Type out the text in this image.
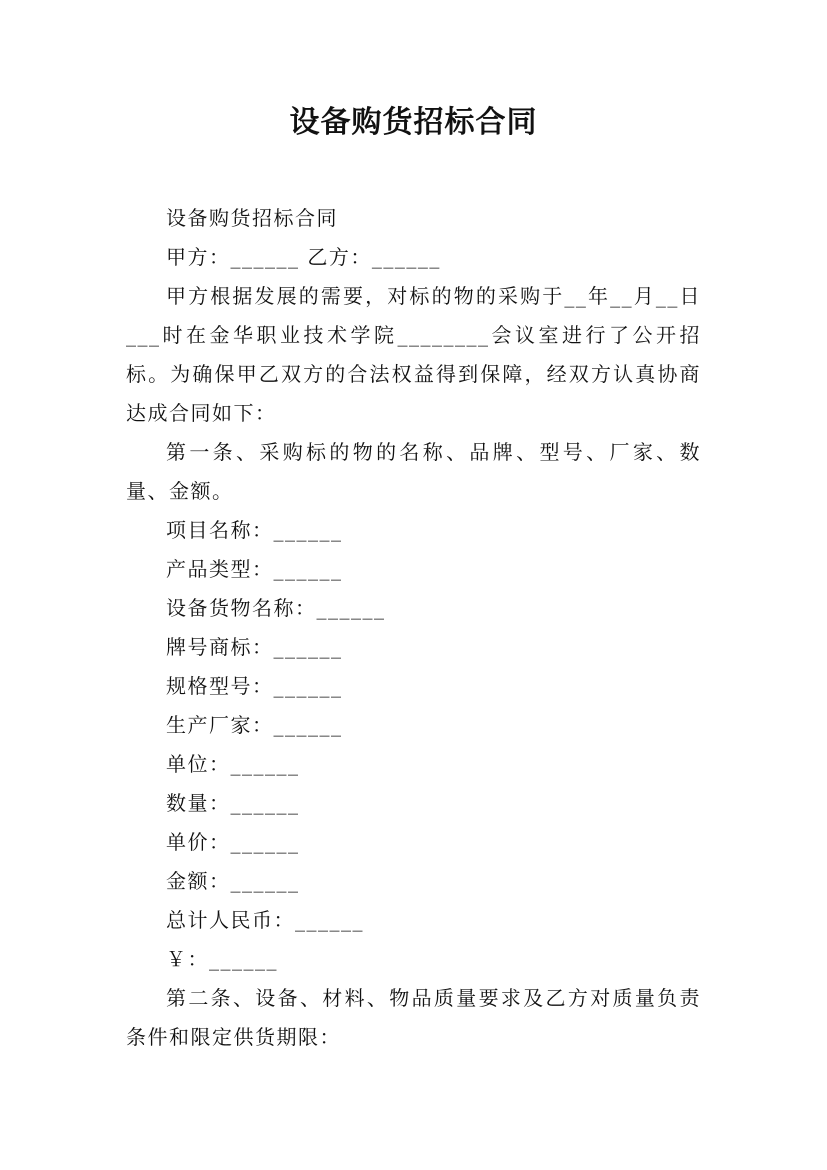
设备购货招标合同

设备购货招标合同

甲方：______ 乙方：______

甲方根据发展的需要，对标的物的采购于__年__月__日___时在金华职业技术学院________会议室进行了公开招标。为确保甲乙双方的合法权益得到保障，经双方认真协商达成合同如下：

第一条、采购标的物的名称、品牌、型号、厂家、数量、金额。

项目名称：______

产品类型：______

设备货物名称：______

牌号商标：______

规格型号：______

生产厂家：______

单位：______

数量：______

单价：______

金额：______

总计人民币：______

￥：______

第二条、设备、材料、物品质量要求及乙方对质量负责条件和限定供货期限：
